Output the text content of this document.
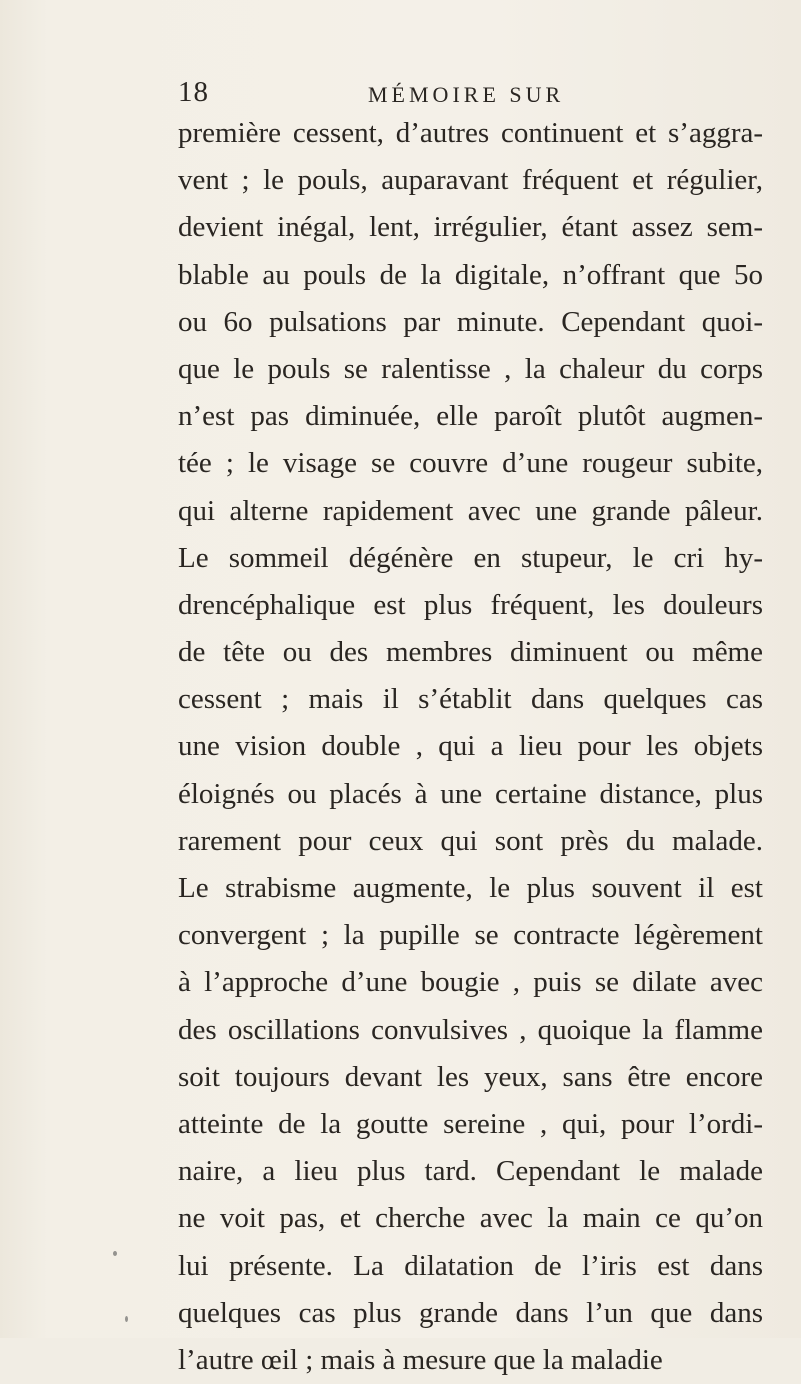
18	MÉMOIRE SUR
première cessent, d’autres continuent et s’aggra-
vent ; le pouls, auparavant fréquent et régulier,
devient inégal, lent, irrégulier, étant assez sem-
blable au pouls de la digitale, n’offrant que 5o
ou 6o pulsations par minute. Cependant quoi-
que le pouls se ralentisse , la chaleur du corps
n’est pas diminuée, elle paroît plutôt augmen-
tée ; le visage se couvre d’une rougeur subite,
qui alterne rapidement avec une grande pâleur.
Le sommeil dégénère en stupeur, le cri hy-
drencéphalique est plus fréquent, les douleurs
de tête ou des membres diminuent ou même
cessent ; mais il s’établit dans quelques cas
une vision double , qui a lieu pour les objets
éloignés ou placés à une certaine distance, plus
rarement pour ceux qui sont près du malade.
Le strabisme augmente, le plus souvent il est
convergent ; la pupille se contracte légèrement
à l’approche d’une bougie , puis se dilate avec
des oscillations convulsives , quoique la flamme
soit toujours devant les yeux, sans être encore
atteinte de la goutte sereine , qui, pour l’ordi-
naire, a lieu plus tard. Cependant le malade
ne voit pas, et cherche avec la main ce qu’on
lui présente. La dilatation de l’iris est dans
quelques cas plus grande dans l’un que dans
l’autre œil ; mais à mesure que la maladie
